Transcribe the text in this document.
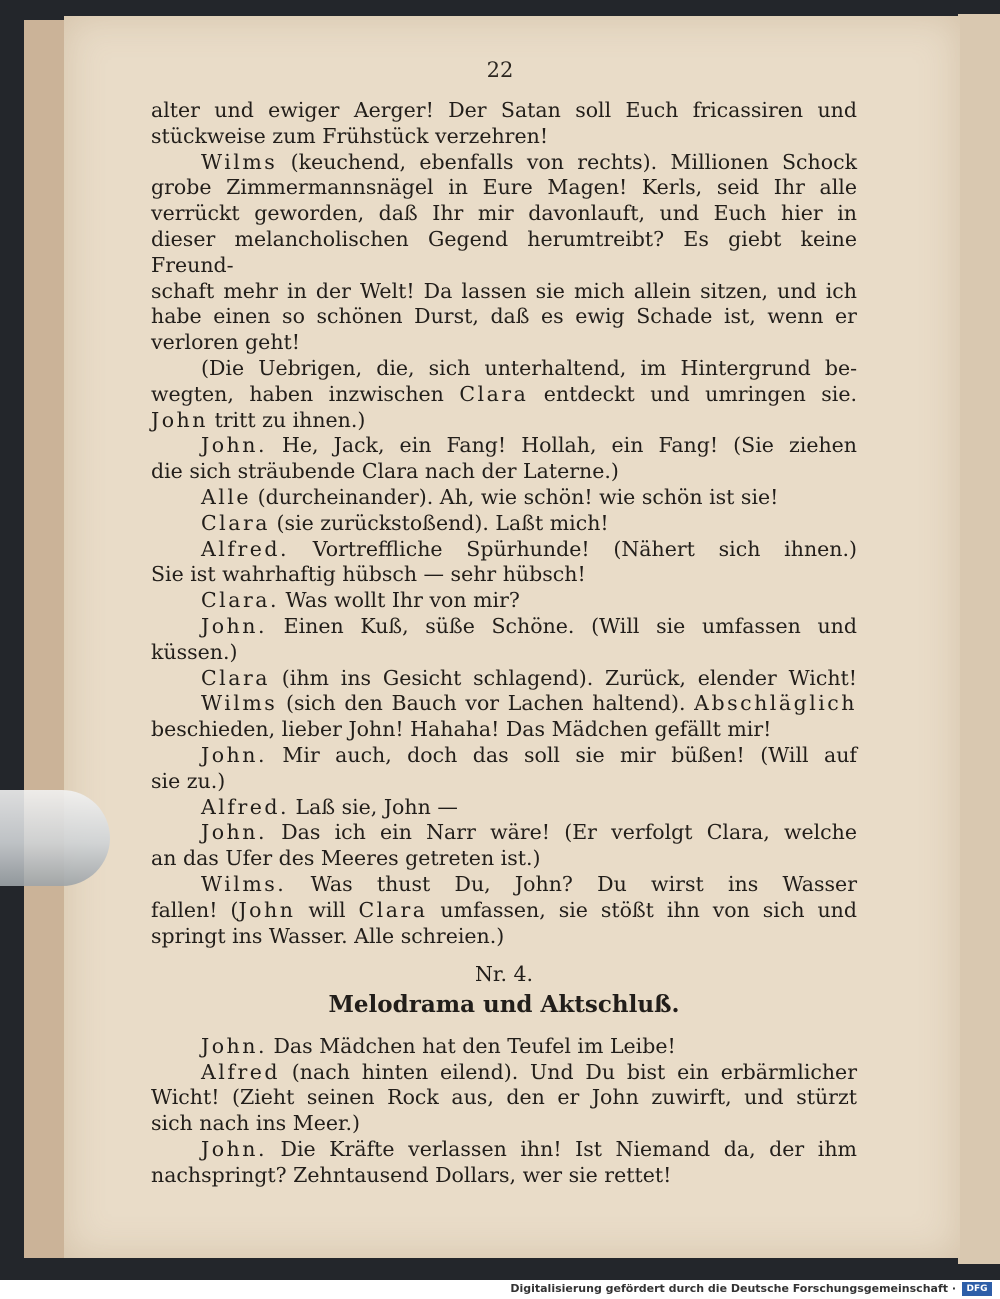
22

alter und ewiger Aerger! Der Satan soll Euch fricassiren und

stückweise zum Frühstück verzehren!

Wilms (keuchend, ebenfalls von rechts). Millionen Schock

grobe Zimmermannsnägel in Eure Magen! Kerls, seid Ihr alle

verrückt geworden, daß Ihr mir davonlauft, und Euch hier in

dieser melancholischen Gegend herumtreibt? Es giebt keine Freund-

schaft mehr in der Welt! Da lassen sie mich allein sitzen, und ich

habe einen so schönen Durst, daß es ewig Schade ist, wenn er

verloren geht!

(Die Uebrigen, die, sich unterhaltend, im Hintergrund be-

wegten, haben inzwischen Clara entdeckt und umringen sie.

John tritt zu ihnen.)

John. He, Jack, ein Fang! Hollah, ein Fang! (Sie ziehen

die sich sträubende Clara nach der Laterne.)

Alle (durcheinander). Ah, wie schön! wie schön ist sie!

Clara (sie zurückstoßend). Laßt mich!

Alfred. Vortreffliche Spürhunde! (Nähert sich ihnen.)

Sie ist wahrhaftig hübsch — sehr hübsch!

Clara. Was wollt Ihr von mir?

John. Einen Kuß, süße Schöne. (Will sie umfassen und

küssen.)

Clara (ihm ins Gesicht schlagend). Zurück, elender Wicht!

Wilms (sich den Bauch vor Lachen haltend). Abschläglich

beschieden, lieber John! Hahaha! Das Mädchen gefällt mir!

John. Mir auch, doch das soll sie mir büßen! (Will auf

sie zu.)

Alfred. Laß sie, John —

John. Das ich ein Narr wäre! (Er verfolgt Clara, welche

an das Ufer des Meeres getreten ist.)

Wilms. Was thust Du, John? Du wirst ins Wasser

fallen! (John will Clara umfassen, sie stößt ihn von sich und

springt ins Wasser. Alle schreien.)

Nr. 4.

Melodrama und Aktschluß.

John. Das Mädchen hat den Teufel im Leibe!

Alfred (nach hinten eilend). Und Du bist ein erbärmlicher

Wicht! (Zieht seinen Rock aus, den er John zuwirft, und stürzt

sich nach ins Meer.)

John. Die Kräfte verlassen ihn! Ist Niemand da, der ihm

nachspringt? Zehntausend Dollars, wer sie rettet!

Digitalisierung gefördert durch die Deutsche Forschungsgemeinschaft ·	DFG
